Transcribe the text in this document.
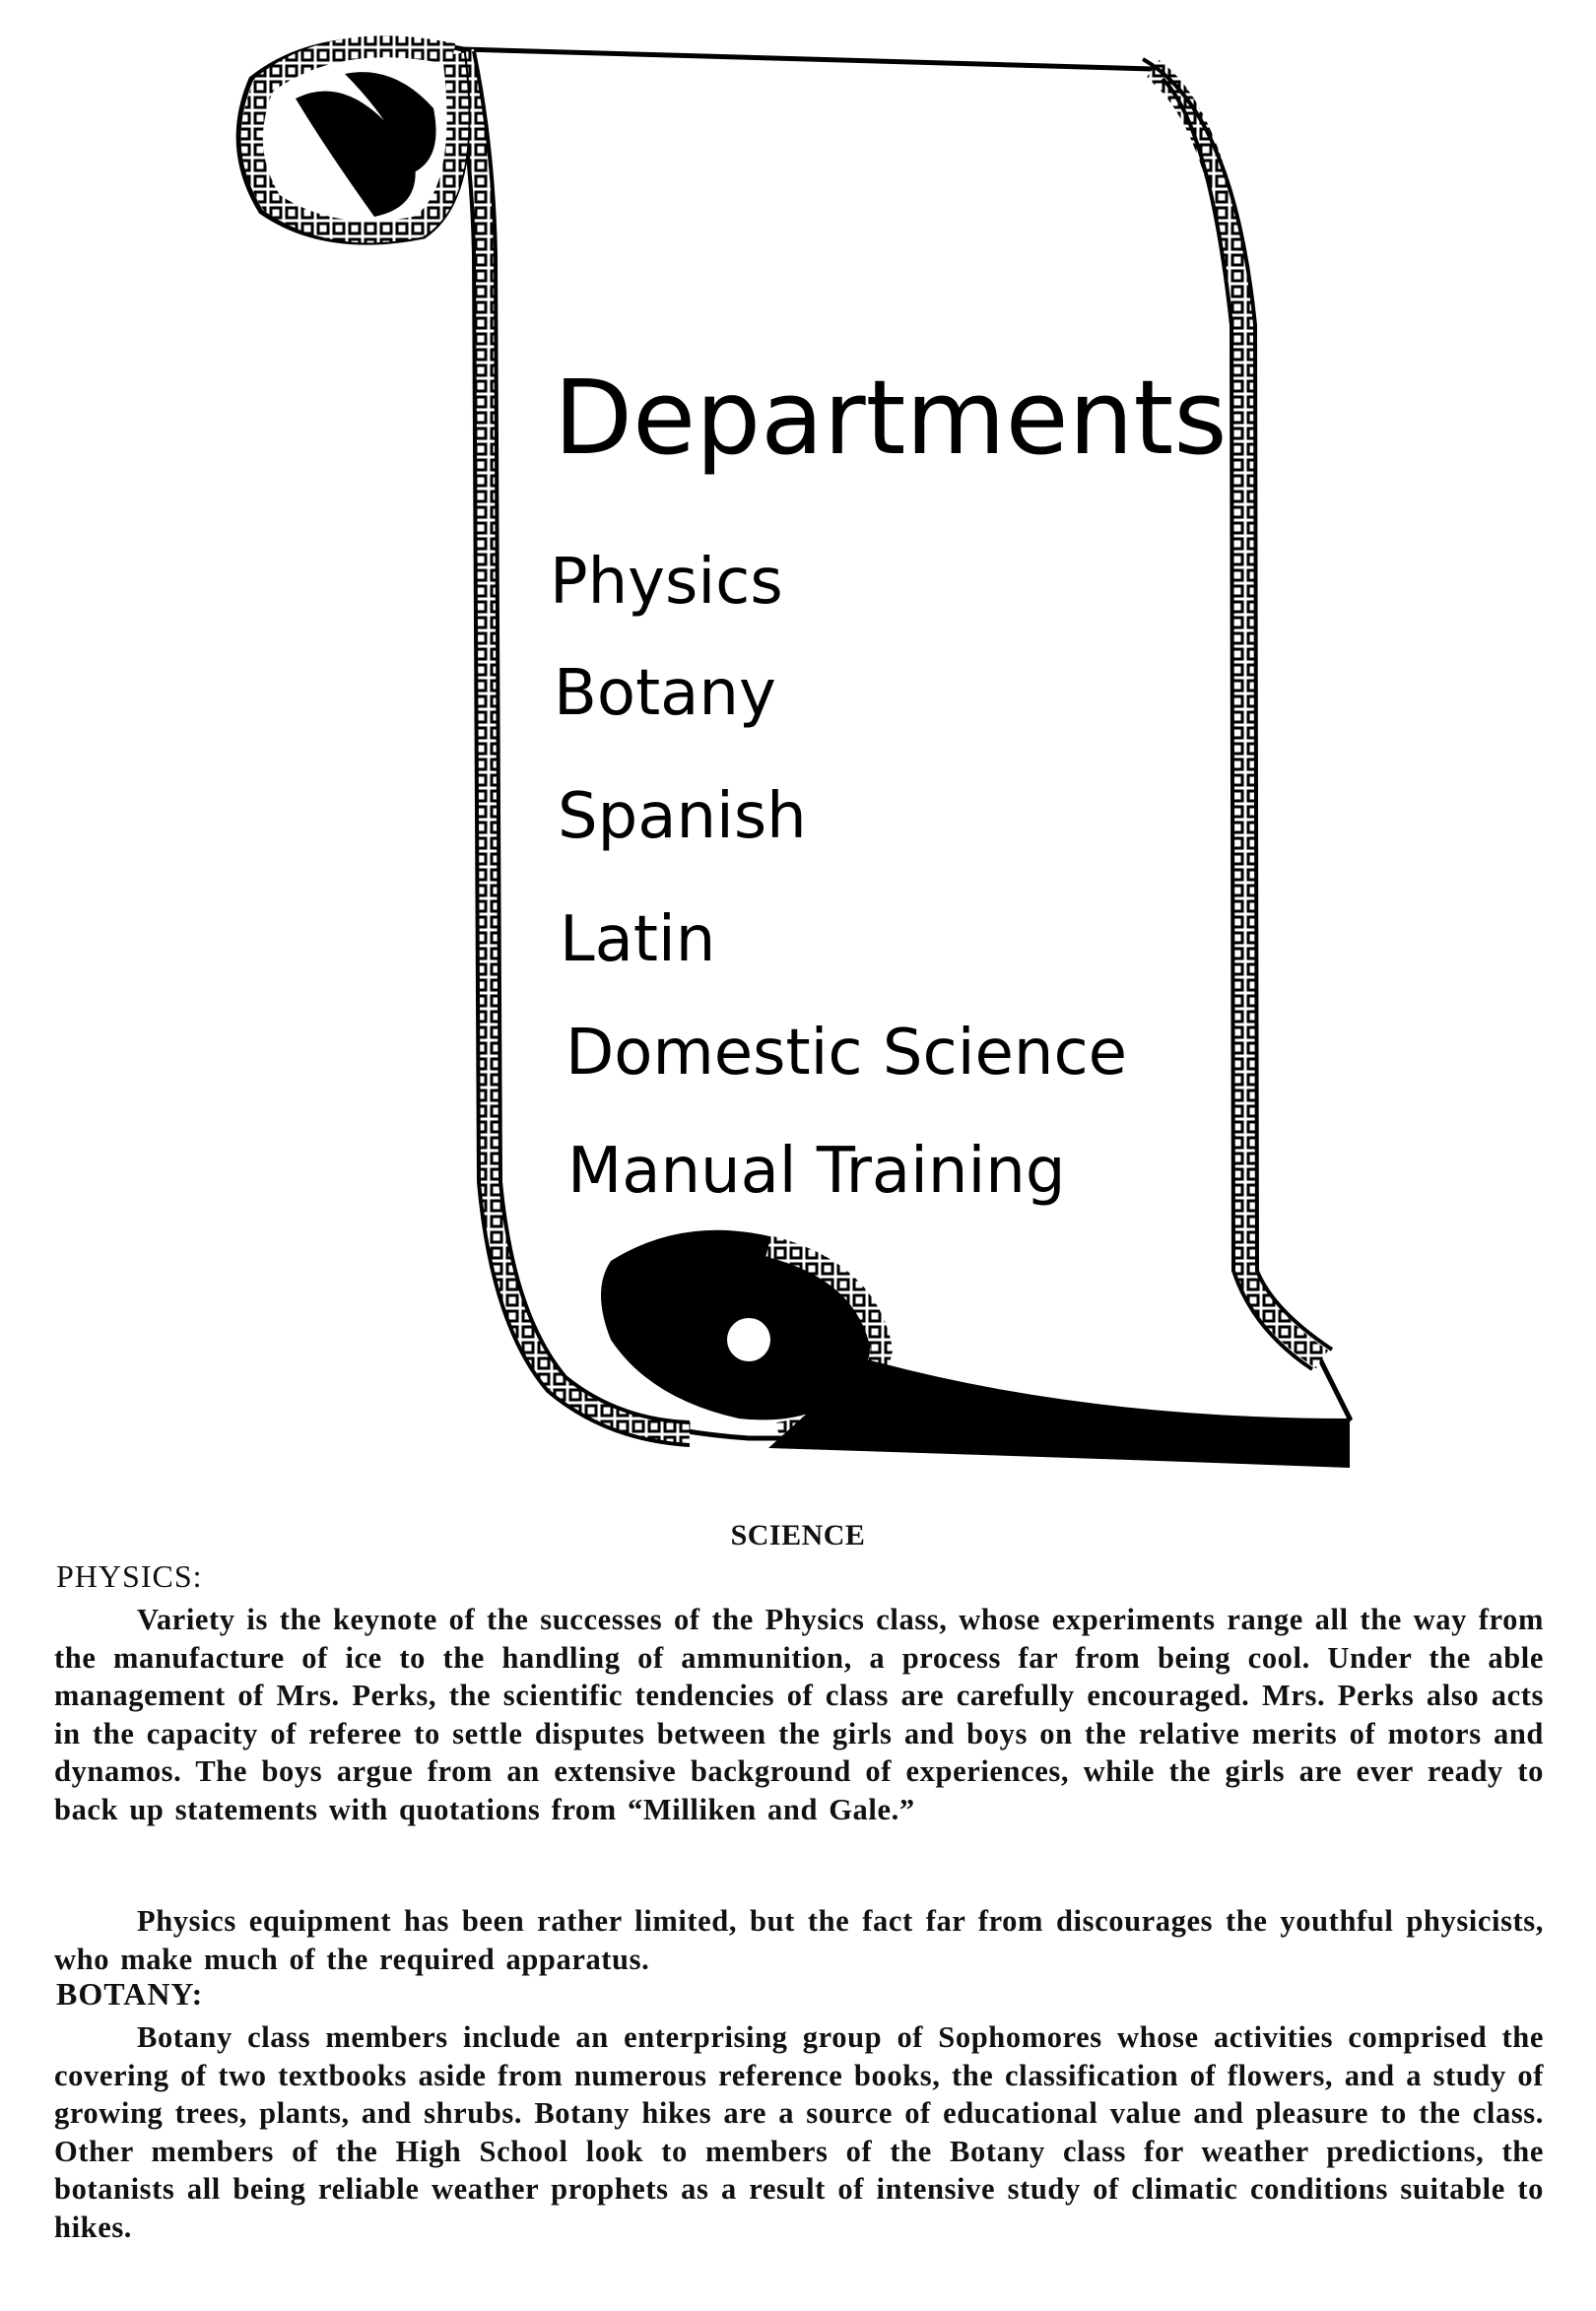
Departments
Physics
Botany
Spanish
Latin
Domestic Science
Manual Training
SCIENCE
PHYSICS:

Variety is the keynote of the successes of the Physics class, whose experiments range all the way from the manufacture of ice to the handling of ammunition, a process far from being cool. Under the able management of Mrs. Perks, the scientific tendencies of class are carefully encouraged. Mrs. Perks also acts in the capacity of referee to settle disputes between the girls and boys on the relative merits of motors and dynamos. The boys argue from an extensive background of experiences, while the girls are ever ready to back up statements with quotations from “Milliken and Gale.”

Physics equipment has been rather limited, but the fact far from discourages the youthful physicists, who make much of the required apparatus.

BOTANY:

Botany class members include an enterprising group of Sophomores whose activities comprised the covering of two textbooks aside from numerous reference books, the classification of flowers, and a study of growing trees, plants, and shrubs. Botany hikes are a source of educational value and pleasure to the class. Other members of the High School look to members of the Botany class for weather predictions, the botanists all being reliable weather prophets as a result of intensive study of climatic conditions suitable to hikes.
